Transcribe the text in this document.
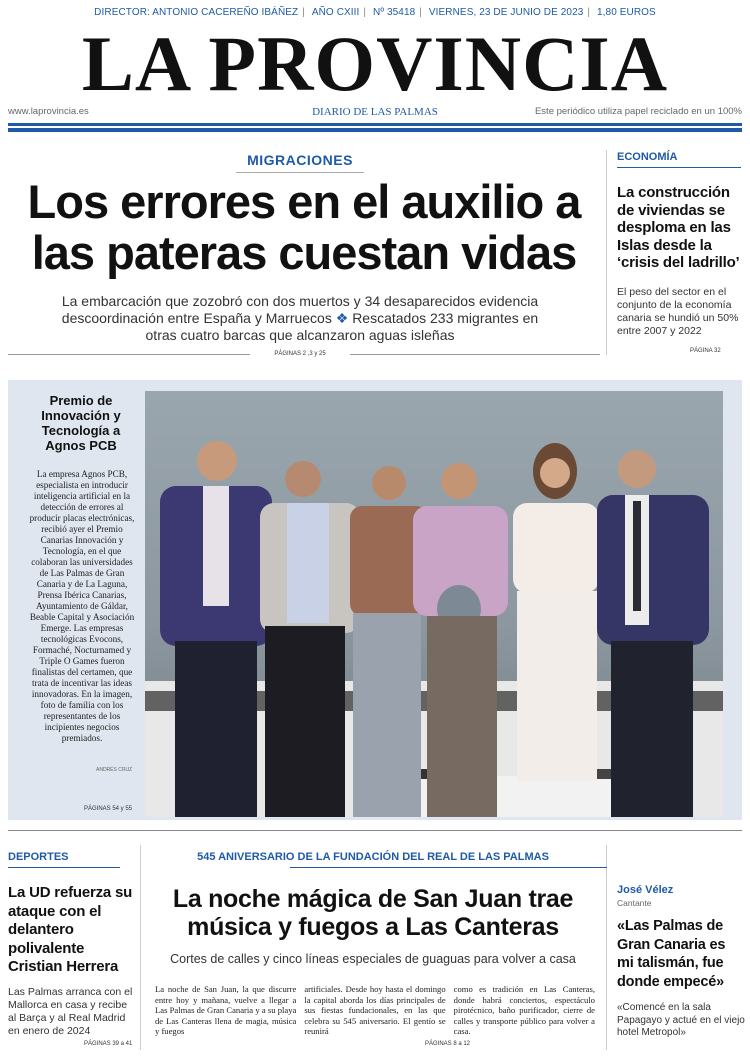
DIRECTOR: ANTONIO CACEREÑO IBÁÑEZ | AÑO CXIII | Nº 35418 | VIERNES, 23 DE JUNIO DE 2023 | 1,80 EUROS
LA PROVINCIA
www.laprovincia.es	DIARIO DE LAS PALMAS	Este periódico utiliza papel reciclado en un 100%
MIGRACIONES
Los errores en el auxilio a las pateras cuestan vidas
La embarcación que zozobró con dos muertos y 34 desaparecidos evidencia descoordinación entre España y Marruecos ❖ Rescatados 233 migrantes en otras cuatro barcas que alcanzaron aguas isleñas
PÁGINAS 2 ,3 y 25
ECONOMÍA
La construcción de viviendas se desploma en las Islas desde la ‘crisis del ladrillo’
El peso del sector en el conjunto de la economía canaria se hundió un 50% entre 2007 y 2022
PÁGINA 32
Premio de Innovación y Tecnología a Agnos PCB
La empresa Agnos PCB, especialista en introducir inteligencia artificial en la detección de errores al producir placas electrónicas, recibió ayer el Premio Canarias Innovación y Tecnología, en el que colaboran las universidades de Las Palmas de Gran Canaria y de La Laguna, Prensa Ibérica Canarias, Ayuntamiento de Gáldar, Beable Capital y Asociación Emerge. Las empresas tecnológicas Evocons, Formaché, Nocturnamed y Triple O Games fueron finalistas del certamen, que trata de incentivar las ideas innovadoras. En la imagen, foto de familia con los representantes de los incipientes negocios premiados.
ANDRÉS CRUZ
PÁGINAS 54 y 55
DEPORTES
La UD refuerza su ataque con el delantero polivalente Cristian Herrera
Las Palmas arranca con el Mallorca en casa y recibe al Barça y al Real Madrid en enero de 2024
PÁGINAS 39 a 41
545 ANIVERSARIO DE LA FUNDACIÓN DEL REAL DE LAS PALMAS
La noche mágica de San Juan trae música y fuegos a Las Canteras
Cortes de calles y cinco líneas especiales de guaguas para volver a casa
La noche de San Juan, la que discurre entre hoy y mañana, vuelve a llegar a Las Palmas de Gran Canaria y a su playa de Las Canteras llena de magia, música y fuegos
artificiales. Desde hoy hasta el domingo la capital aborda los días principales de sus fiestas fundacionales, en las que celebra su 545 aniversario. El gentío se reunirá
como es tradición en Las Canteras, donde habrá conciertos, espectáculo pirotécnico, baño purificador, cierre de calles y transporte público para volver a casa.
PÁGINAS 8 a 12
José Vélez
Cantante
«Las Palmas de Gran Canaria es mi talismán, fue donde empecé»
«Comencé en la sala Papagayo y actué en el viejo hotel Metropol»
